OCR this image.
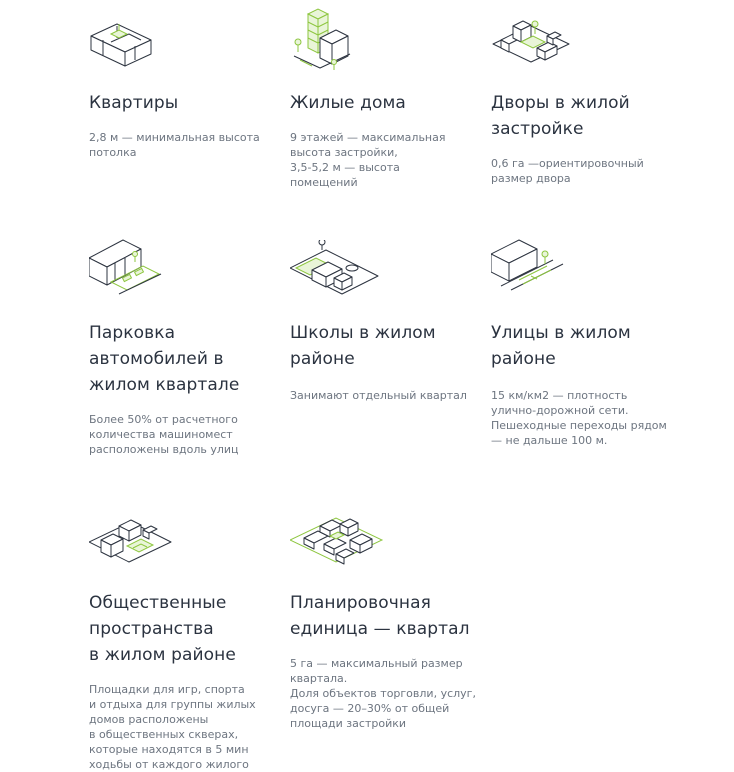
Квартиры
2,8 м — минимальная высота
потолка
Жилые дома
9 этажей — максимальная
высота застройки,
3,5-5,2 м — высота
помещений
Дворы в жилой
застройке
0,6 га —ориентировочный
размер двора
Парковка
автомобилей в
жилом квартале
Более 50% от расчетного
количества машиномест
расположены вдоль улиц
Школы в жилом
районе
Занимают отдельный квартал
Улицы в жилом
районе
15 км/км2 — плотность
улично-дорожной сети.
Пешеходные переходы рядом
— не дальше 100 м.
Общественные
пространства
в жилом районе
Площадки для игр, спорта
и отдыха для группы жилых
домов расположены
в общественных скверах,
которые находятся в 5 мин
ходьбы от каждого жилого
Планировочная
единица — квартал
5 га — максимальный размер
квартала.
Доля объектов торговли, услуг,
досуга — 20–30% от общей
площади застройки
